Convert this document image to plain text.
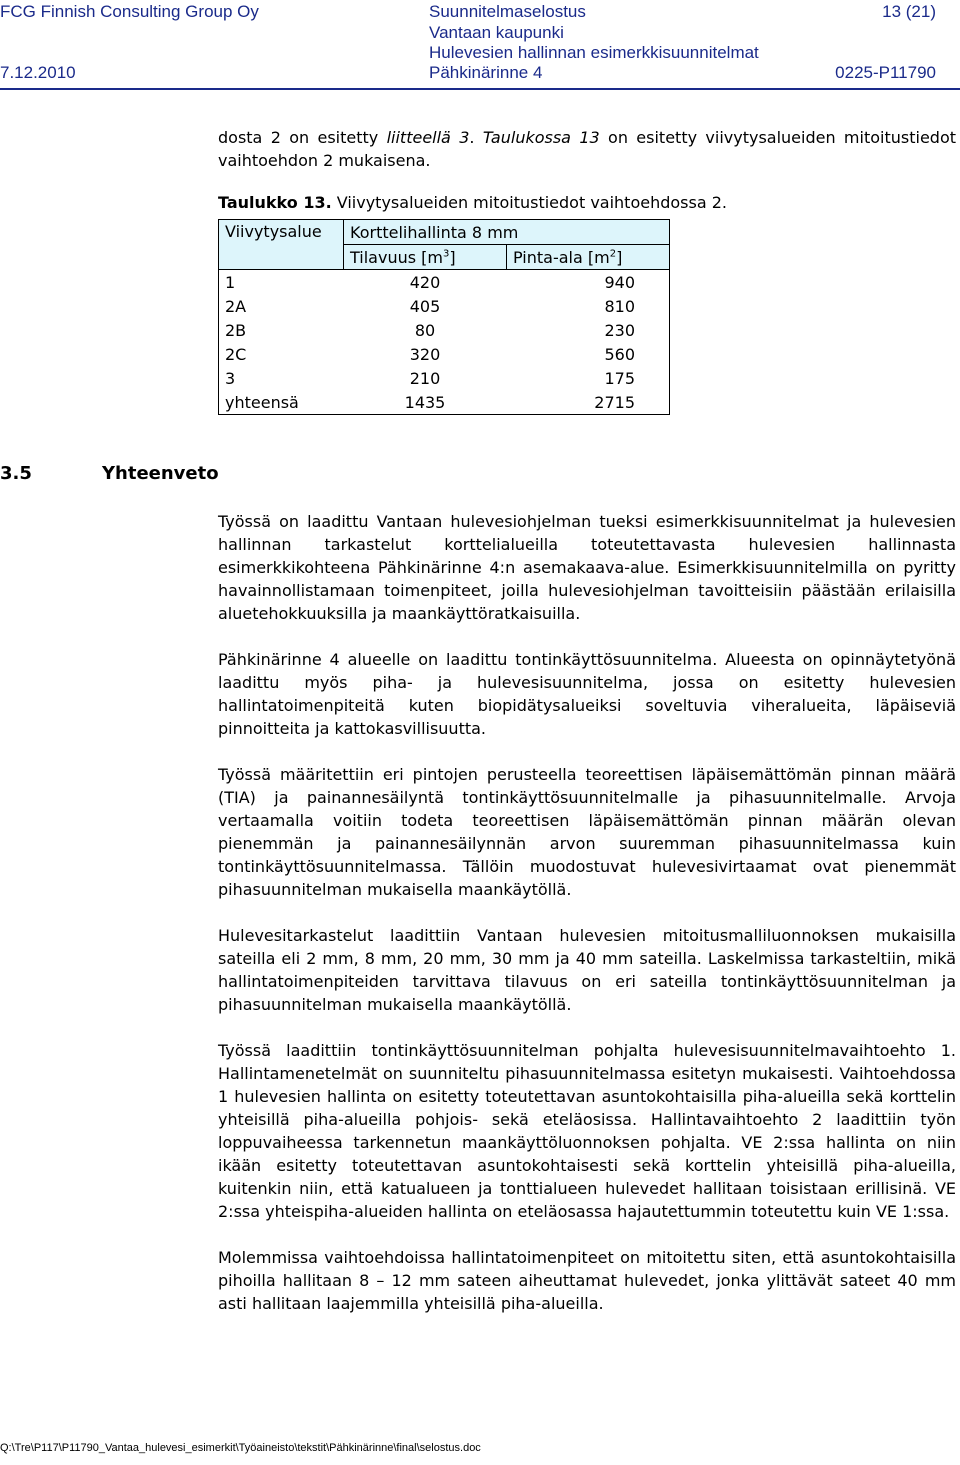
FCG Finnish Consulting Group Oy	Suunnitelmaselostus
Vantaan kaupunki
Hulevesien hallinnan esimerkkisuunnitelmat
Pähkinärinne 4
13 (21)
7.12.2010	0225-P11790

dosta 2 on esitetty liitteellä 3. Taulukossa 13 on esitetty viivytysalueiden mitoitustiedot vaihtoehdon 2 mukaisena.

Taulukko 13. Viivytysalueiden mitoitustiedot vaihtoehdossa 2.
Viivytysalue	Korttelihallinta 8 mm	
	Tilavuus $[m^3]$	Pinta-ala $[m^2]$
1	420	940
2A	405	810
2B	80	230
2C	320	560
3	210	175
yhteensä	1435	2715
3.5	Yhteenveto

Työssä on laadittu Vantaan hulevesiohjelman tueksi esimerkkisuunnitelmat ja hulevesien hallinnan tarkastelut korttelialueilla toteutettavasta hulevesien hallinnasta esimerkkikohteena Pähkinärinne 4:n asemakaava-alue. Esimerkkisuunnitelmilla on pyritty havainnollistamaan toimenpiteet, joilla hulevesiohjelman tavoitteisiin päästään erilaisilla aluetehokkuuksilla ja maankäyttöratkaisuilla.

Pähkinärinne 4 alueelle on laadittu tontinkäyttösuunnitelma. Alueesta on opinnäytetyönä laadittu myös piha- ja hulevesisuunnitelma, jossa on esitetty hulevesien hallintatoimenpiteitä kuten biopidätysalueiksi soveltuvia viheralueita, läpäiseviä pinnoitteita ja kattokasvillisuutta.

Työssä määritettiin eri pintojen perusteella teoreettisen läpäisemättömän pinnan määrä (TIA) ja painannesäilyntä tontinkäyttösuunnitelmalle ja pihasuunnitelmalle. Arvoja vertaamalla voitiin todeta teoreettisen läpäisemättömän pinnan määrän olevan pienemmän ja painannesäilynnän arvon suuremman pihasuunnitelmassa kuin tontinkäyttösuunnitelmassa. Tällöin muodostuvat hulevesivirtaamat ovat pienemmät pihasuunnitelman mukaisella maankäytöllä.

Hulevesitarkastelut laadittiin Vantaan hulevesien mitoitusmalliluonnoksen mukaisilla sateilla eli 2 mm, 8 mm, 20 mm, 30 mm ja 40 mm sateilla. Laskelmissa tarkasteltiin, mikä hallintatoimenpiteiden tarvittava tilavuus on eri sateilla tontinkäyttösuunnitelman ja pihasuunnitelman mukaisella maankäytöllä.

Työssä laadittiin tontinkäyttösuunnitelman pohjalta hulevesisuunnitelmavaihtoehto 1. Hallintamenetelmät on suunniteltu pihasuunnitelmassa esitetyn mukaisesti. Vaihtoehdossa 1 hulevesien hallinta on esitetty toteutettavan asuntokohtaisilla piha-alueilla sekä korttelin yhteisillä piha-alueilla pohjois- sekä eteläosissa. Hallintavaihtoehto 2 laadittiin työn loppuvaiheessa tarkennetun maankäyttöluonnoksen pohjalta. VE 2:ssa hallinta on niin ikään esitetty toteutettavan asuntokohtaisesti sekä korttelin yhteisillä piha-alueilla, kuitenkin niin, että katualueen ja tonttialueen hulevedet hallitaan toisistaan erillisinä. VE 2:ssa yhteispiha-alueiden hallinta on eteläosassa hajautettummin toteutettu kuin VE 1:ssa.

Molemmissa vaihtoehdoissa hallintatoimenpiteet on mitoitettu siten, että asuntokohtaisilla pihoilla hallitaan 8 – 12 mm sateen aiheuttamat hulevedet, jonka ylittävät sateet 40 mm asti hallitaan laajemmilla yhteisillä piha-alueilla.

Q:\Tre\P117\P11790_Vantaa_hulevesi_esimerkit\Työaineisto\tekstit\Pähkinärinne\final\selostus.doc
